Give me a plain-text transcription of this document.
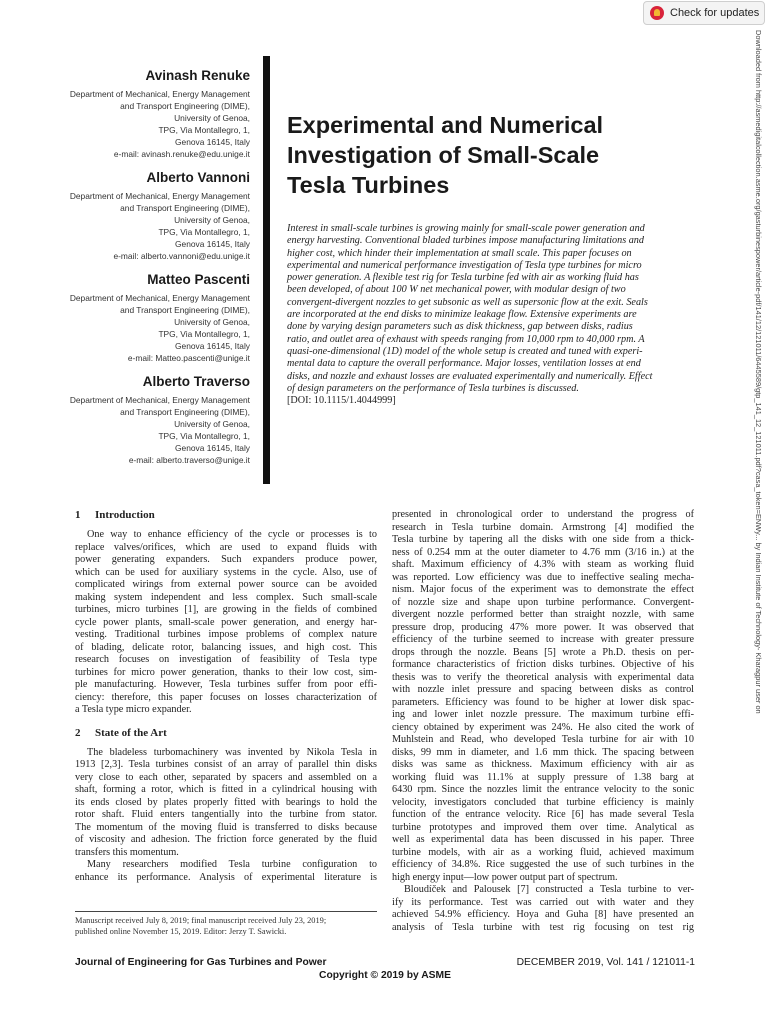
Check for updates
Downloaded from http://asmedigitalcollection.asme.org/gasturbinespower/article-pdf/141/12/121011/6445589/gtp_141_12_121011.pdf?casa_token=ENWy... by Indian Institute of Technology- Kharagpur user on
Avinash Renuke
Department of Mechanical, Energy Management
and Transport Engineering (DIME),
University of Genoa,
TPG, Via Montallegro, 1,
Genova 16145, Italy
e-mail: avinash.renuke@edu.unige.it
Alberto Vannoni
Department of Mechanical, Energy Management
and Transport Engineering (DIME),
University of Genoa,
TPG, Via Montallegro, 1,
Genova 16145, Italy
e-mail: alberto.vannoni@edu.unige.it
Matteo Pascenti
Department of Mechanical, Energy Management
and Transport Engineering (DIME),
University of Genoa,
TPG, Via Montallegro, 1,
Genova 16145, Italy
e-mail: Matteo.pascenti@unige.it
Alberto Traverso
Department of Mechanical, Energy Management
and Transport Engineering (DIME),
University of Genoa,
TPG, Via Montallegro, 1,
Genova 16145, Italy
e-mail: alberto.traverso@unige.it
Experimental and Numerical
Investigation of Small-Scale
Tesla Turbines
Interest in small-scale turbines is growing mainly for small-scale power generation and
energy harvesting. Conventional bladed turbines impose manufacturing limitations and
higher cost, which hinder their implementation at small scale. This paper focuses on
experimental and numerical performance investigation of Tesla type turbines for micro
power generation. A flexible test rig for Tesla turbine fed with air as working fluid has
been developed, of about 100 W net mechanical power, with modular design of two
convergent-divergent nozzles to get subsonic as well as supersonic flow at the exit. Seals
are incorporated at the end disks to minimize leakage flow. Extensive experiments are
done by varying design parameters such as disk thickness, gap between disks, radius
ratio, and outlet area of exhaust with speeds ranging from 10,000 rpm to 40,000 rpm. A
quasi-one-dimensional (1D) model of the whole setup is created and tuned with experi-
mental data to capture the overall performance. Major losses, ventilation losses at end
disks, and nozzle and exhaust losses are evaluated experimentally and numerically. Effect
of design parameters on the performance of Tesla turbines is discussed.
[DOI: 10.1115/1.4044999]
1 Introduction
One way to enhance efficiency of the cycle or processes is to
replace valves/orifices, which are used to expand fluids with
power generating expanders. Such expanders produce power,
which can be used for auxiliary systems in the cycle. Also, use of
complicated wirings from external power source can be avoided
making system independent and less complex. Such small-scale
turbines, micro turbines [1], are growing in the fields of combined
cycle power plants, small-scale power generation, and energy har-
vesting. Traditional turbines impose problems of complex nature
of blading, delicate rotor, balancing issues, and high cost. This
research focuses on investigation of feasibility of Tesla type
turbines for micro power generation, thanks to their low cost, sim-
ple manufacturing. However, Tesla turbines suffer from poor effi-
ciency: therefore, this paper focuses on losses characterization of
a Tesla type micro expander.
2 State of the Art
The bladeless turbomachinery was invented by Nikola Tesla in
1913 [2,3]. Tesla turbines consist of an array of parallel thin disks
very close to each other, separated by spacers and assembled on a
shaft, forming a rotor, which is fitted in a cylindrical housing with
its ends closed by plates properly fitted with bearings to hold the
rotor shaft. Fluid enters tangentially into the turbine from stator.
The momentum of the moving fluid is transferred to disks because
of viscosity and adhesion. The friction force generated by the fluid
transfers this momentum.
Many researchers modified Tesla turbine configuration to
enhance its performance. Analysis of experimental literature is
presented in chronological order to understand the progress of
research in Tesla turbine domain. Armstrong [4] modified the
Tesla turbine by tapering all the disks with one side from a thick-
ness of 0.254 mm at the outer diameter to 4.76 mm (3/16 in.) at the
shaft. Maximum efficiency of 4.3% with steam as working fluid
was reported. Low efficiency was due to ineffective sealing mecha-
nism. Major focus of the experiment was to demonstrate the effect
of nozzle size and shape upon turbine performance. Convergent-
divergent nozzle performed better than straight nozzle, with same
pressure drop, producing 47% more power. It was observed that
efficiency of the turbine seemed to increase with greater pressure
drops through the nozzle. Beans [5] wrote a Ph.D. thesis on per-
formance characteristics of friction disks turbines. Objective of his
thesis was to verify the theoretical analysis with experimental data
with nozzle inlet pressure and spacing between disks as control
parameters. Efficiency was found to be higher at lower disk spac-
ing and lower inlet nozzle pressure. The maximum turbine effi-
ciency obtained by experiment was 24%. He also cited the work of
Muhlstein and Read, who developed Tesla turbine for air with 10
disks, 99 mm in diameter, and 1.6 mm thick. The spacing between
disks was same as thickness. Maximum efficiency with air as
working fluid was 11.1% at supply pressure of 1.38 barg at
6430 rpm. Since the nozzles limit the entrance velocity to the sonic
velocity, investigators concluded that turbine efficiency is mainly
function of the entrance velocity. Rice [6] has made several Tesla
turbine prototypes and improved them over time. Analytical as
well as experimental data has been discussed in his paper. Three
turbine models, with air as a working fluid, achieved maximum
efficiency of 34.8%. Rice suggested the use of such turbines in the
high energy input—low power output part of spectrum.
Bloudíček and Palousek [7] constructed a Tesla turbine to ver-
ify its performance. Test was carried out with water and they
achieved 54.9% efficiency. Hoya and Guha [8] have presented an
analysis of Tesla turbine with test rig focusing on test rig
Manuscript received July 8, 2019; final manuscript received July 23, 2019;
published online November 15, 2019. Editor: Jerzy T. Sawicki.
Journal of Engineering for Gas Turbines and Power	DECEMBER 2019, Vol. 141 / 121011-1
Copyright © 2019 by ASME
